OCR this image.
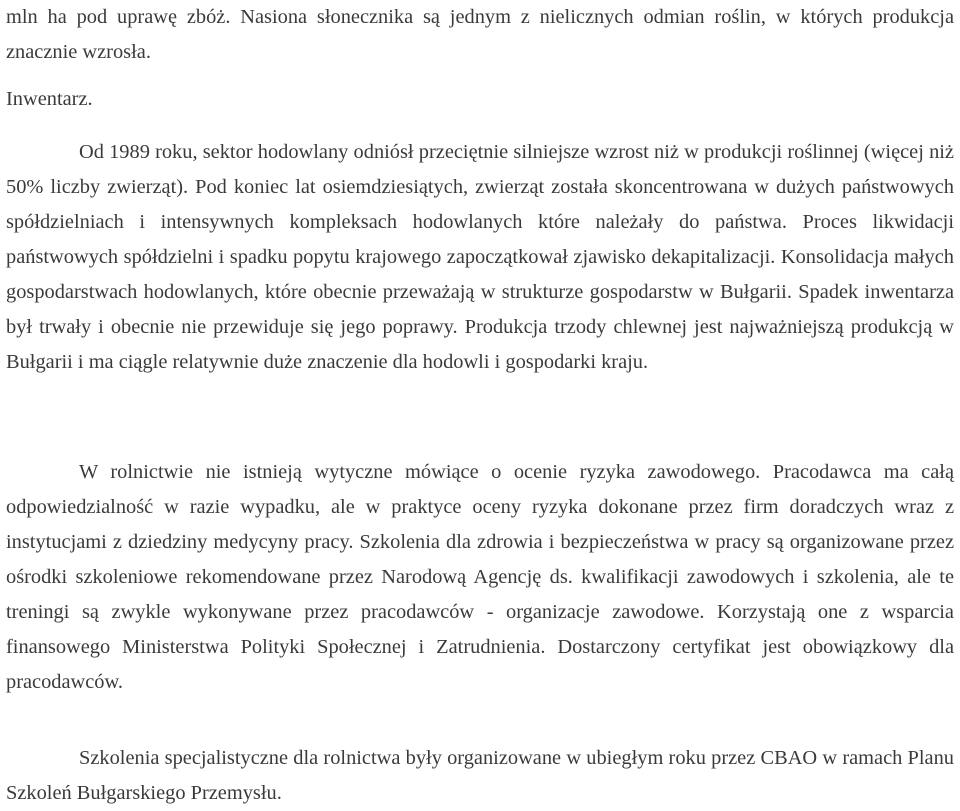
mln ha pod uprawę zbóż. Nasiona słonecznika są jednym z nielicznych odmian roślin, w których produkcja znacznie wzrosła.

Inwentarz.

Od 1989 roku, sektor hodowlany odniósł przeciętnie silniejsze wzrost niż w produkcji roślinnej (więcej niż 50% liczby zwierząt). Pod koniec lat osiemdziesiątych, zwierząt została skoncentrowana w dużych państwowych spółdzielniach i intensywnych kompleksach hodowlanych które należały do państwa. Proces likwidacji państwowych spółdzielni i spadku popytu krajowego zapoczątkował zjawisko dekapitalizacji. Konsolidacja małych gospodarstwach hodowlanych, które obecnie przeważają w strukturze gospodarstw w Bułgarii. Spadek inwentarza był trwały i obecnie nie przewiduje się jego poprawy. Produkcja trzody chlewnej jest najważniejszą produkcją w Bułgarii i ma ciągle relatywnie duże znaczenie dla hodowli i gospodarki kraju.

W rolnictwie nie istnieją wytyczne mówiące o ocenie ryzyka zawodowego. Pracodawca ma całą odpowiedzialność w razie wypadku, ale w praktyce oceny ryzyka dokonane przez firm doradczych wraz z instytucjami z dziedziny medycyny pracy. Szkolenia dla zdrowia i bezpieczeństwa w pracy są organizowane przez ośrodki szkoleniowe rekomendowane przez Narodową Agencję ds. kwalifikacji zawodowych i szkolenia, ale te treningi są zwykle wykonywane przez pracodawców - organizacje zawodowe. Korzystają one z wsparcia finansowego Ministerstwa Polityki Społecznej i Zatrudnienia. Dostarczony certyfikat jest obowiązkowy dla pracodawców.

Szkolenia specjalistyczne dla rolnictwa były organizowane w ubiegłym roku przez CBAO w ramach Planu Szkoleń Bułgarskiego Przemysłu.
